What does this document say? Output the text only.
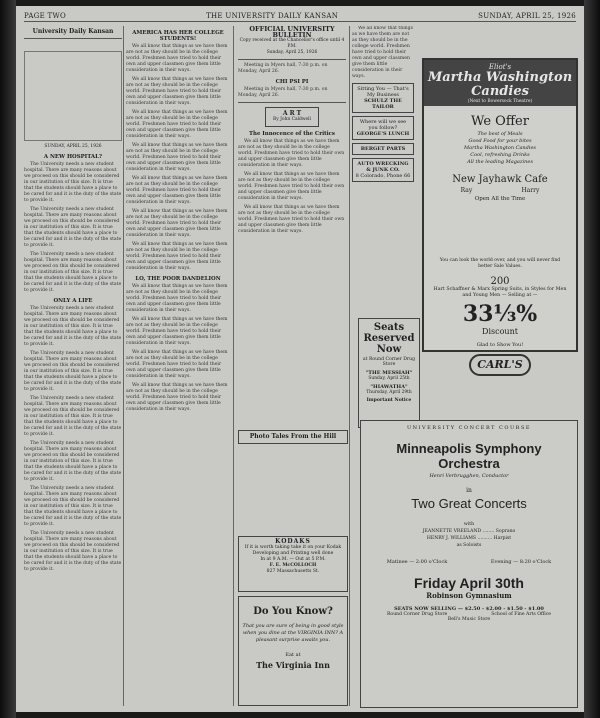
PAGE TWO	THE UNIVERSITY DAILY KANSAN	SUNDAY, APRIL 25, 1926
University Daily Kansan

SUNDAY, APRIL 25, 1926
A NEW HOSPITAL?

The University needs a new student hospital. There are many reasons about we proceed on this should be considered in our institution of this size. It is true that the students should have a place to be cared for and it is the duty of the state to provide it.

The University needs a new student hospital. There are many reasons about we proceed on this should be considered in our institution of this size. It is true that the students should have a place to be cared for and it is the duty of the state to provide it.

The University needs a new student hospital. There are many reasons about we proceed on this should be considered in our institution of this size. It is true that the students should have a place to be cared for and it is the duty of the state to provide it.

ONLY A LIFE

The University needs a new student hospital. There are many reasons about we proceed on this should be considered in our institution of this size. It is true that the students should have a place to be cared for and it is the duty of the state to provide it.

The University needs a new student hospital. There are many reasons about we proceed on this should be considered in our institution of this size. It is true that the students should have a place to be cared for and it is the duty of the state to provide it.

The University needs a new student hospital. There are many reasons about we proceed on this should be considered in our institution of this size. It is true that the students should have a place to be cared for and it is the duty of the state to provide it.

The University needs a new student hospital. There are many reasons about we proceed on this should be considered in our institution of this size. It is true that the students should have a place to be cared for and it is the duty of the state to provide it.

The University needs a new student hospital. There are many reasons about we proceed on this should be considered in our institution of this size. It is true that the students should have a place to be cared for and it is the duty of the state to provide it.

The University needs a new student hospital. There are many reasons about we proceed on this should be considered in our institution of this size. It is true that the students should have a place to be cared for and it is the duty of the state to provide it.

AMERICA HAS HER COLLEGE STUDENTS!

We all know that things as we have them are not as they should be in the college world. Freshmen have tried to hold their own and upper classmen give them little consideration in their ways.

We all know that things as we have them are not as they should be in the college world. Freshmen have tried to hold their own and upper classmen give them little consideration in their ways.

We all know that things as we have them are not as they should be in the college world. Freshmen have tried to hold their own and upper classmen give them little consideration in their ways.

We all know that things as we have them are not as they should be in the college world. Freshmen have tried to hold their own and upper classmen give them little consideration in their ways.

We all know that things as we have them are not as they should be in the college world. Freshmen have tried to hold their own and upper classmen give them little consideration in their ways.

We all know that things as we have them are not as they should be in the college world. Freshmen have tried to hold their own and upper classmen give them little consideration in their ways.

We all know that things as we have them are not as they should be in the college world. Freshmen have tried to hold their own and upper classmen give them little consideration in their ways.

LO, THE POOR DANDELION

We all know that things as we have them are not as they should be in the college world. Freshmen have tried to hold their own and upper classmen give them little consideration in their ways.

We all know that things as we have them are not as they should be in the college world. Freshmen have tried to hold their own and upper classmen give them little consideration in their ways.

We all know that things as we have them are not as they should be in the college world. Freshmen have tried to hold their own and upper classmen give them little consideration in their ways.

We all know that things as we have them are not as they should be in the college world. Freshmen have tried to hold their own and upper classmen give them little consideration in their ways.

OFFICIAL UNIVERSITY BULLETIN
Copy received at the Chancellor's office until 4 P.M.
Sunday, April 25, 1926

Meeting in Myers hall, 7:30 p.m. on Monday, April 26.

CHI PSI PI

Meeting in Myers hall, 7:30 p.m. on Monday, April 26.

A R T
By John Caldwell
The Innocence of the Critics

We all know that things as we have them are not as they should be in the college world. Freshmen have tried to hold their own and upper classmen give them little consideration in their ways.

We all know that things as we have them are not as they should be in the college world. Freshmen have tried to hold their own and upper classmen give them little consideration in their ways.

We all know that things as we have them are not as they should be in the college world. Freshmen have tried to hold their own and upper classmen give them little consideration in their ways.

Photo Tales From the Hill
KODAKS
If it is worth taking take it on your Kodak
Developing and Printing well done
In at 9 A.M. — Out at 5 P.M.
F. E. McCOLLOCH
827 Massachusetts St.
Do You Know?
That you are sure of being in good style when you dine at the VIRGINIA INN? A pleasant surprise awaits you.
Eat at
The Virginia Inn

We all know that things as we have them are not as they should be in the college world. Freshmen have tried to hold their own and upper classmen give them little consideration in their ways.

Sitting You — That's My Business
SCHULZ THE TAILOR
Where will we see you follow?
GEORGE'S LUNCH
BERGET PARTS
AUTO WRECKING & JUNK CO.
8 Colorado, Phone 66
Seats Reserved Now
at Round Corner Drug Store
"THE MESSIAH"
Sunday, April 25th
"HIAWATHA"
Thursday, April 29th
Important Notice
Eliot's
Martha Washington Candies
(Next to Bowersock Theatre)
We Offer
The best of Meals
Good Food for your bites
Martha Washington Candies
Cool, refreshing Drinks
All the leading Magazines
New Jayhawk Cafe
Ray	Harry
Open All the Time
You can look the world over, and you will never find better Sale Values.
200
Hart Schaffner & Marx Spring Suits, in Styles for Men and Young Men — Selling at —
33⅓%
Discount
Glad to Show You!
CARL'S
UNIVERSITY CONCERT COURSE
Minneapolis Symphony
Orchestra
Henri Verbrugghen, Conductor
in
Two Great Concerts
with
JEANNETTE VREELAND ........ Soprano
HENRY J. WILLIAMS .......... Harpist
as Soloists
Matinee — 2:00 o'Clock	Evening — 8:20 o'Clock
Friday April 30th
Robinson Gymnasium
SEATS NOW SELLING — $2.50 - $2.00 - $1.50 - $1.00
Round Corner Drug Store	School of Fine Arts Office
Bell's Music Store
